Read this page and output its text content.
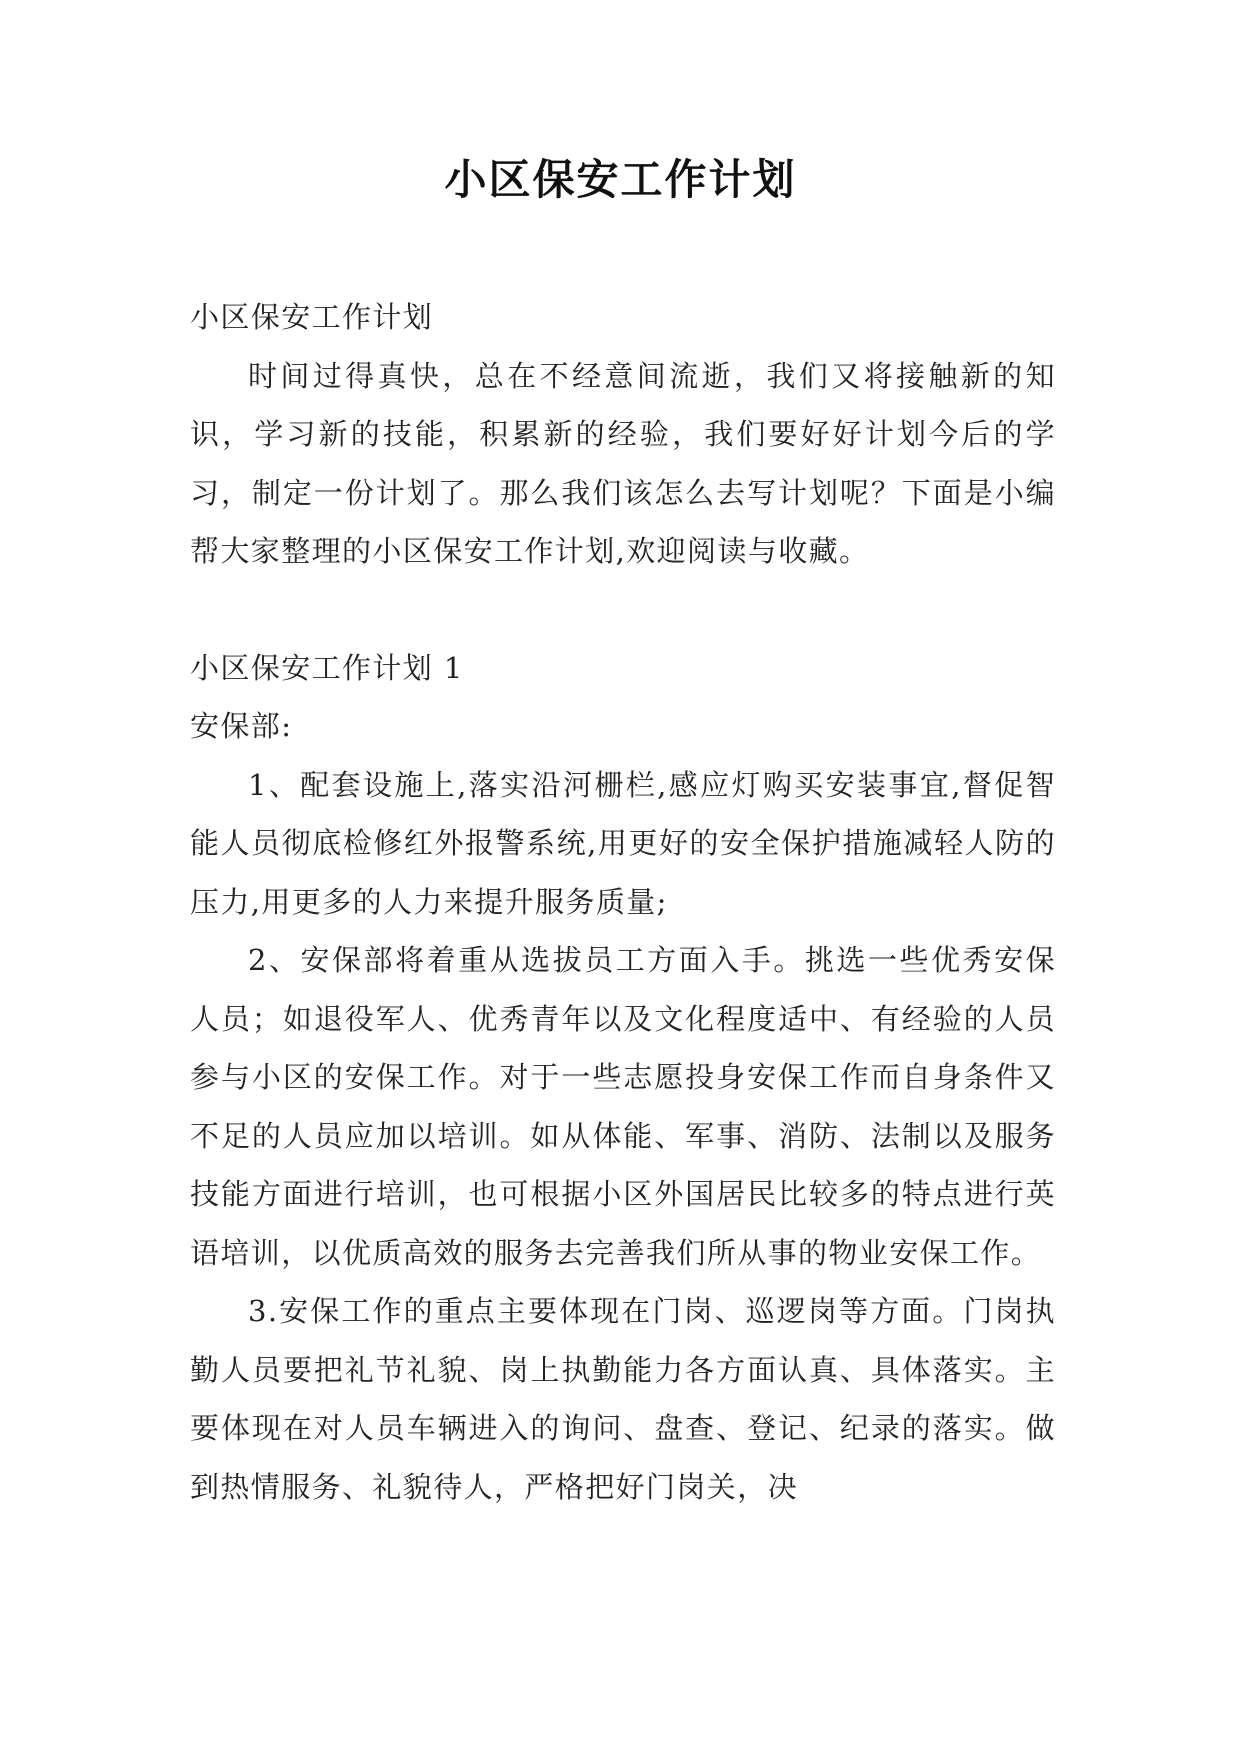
小区保安工作计划

小区保安工作计划

时间过得真快，总在不经意间流逝，我们又将接触新的知识，学习新的技能，积累新的经验，我们要好好计划今后的学习，制定一份计划了。那么我们该怎么去写计划呢？下面是小编帮大家整理的小区保安工作计划,欢迎阅读与收藏。

小区保安工作计划 1

安保部:

1、配套设施上,落实沿河栅栏,感应灯购买安装事宜,督促智能人员彻底检修红外报警系统,用更好的安全保护措施减轻人防的压力,用更多的人力来提升服务质量;

2、安保部将着重从选拔员工方面入手。挑选一些优秀安保人员；如退役军人、优秀青年以及文化程度适中、有经验的人员参与小区的安保工作。对于一些志愿投身安保工作而自身条件又不足的人员应加以培训。如从体能、军事、消防、法制以及服务技能方面进行培训，也可根据小区外国居民比较多的特点进行英语培训，以优质高效的服务去完善我们所从事的物业安保工作。

3.安保工作的重点主要体现在门岗、巡逻岗等方面。门岗执勤人员要把礼节礼貌、岗上执勤能力各方面认真、具体落实。主要体现在对人员车辆进入的询问、盘查、登记、纪录的落实。做到热情服务、礼貌待人，严格把好门岗关，决
